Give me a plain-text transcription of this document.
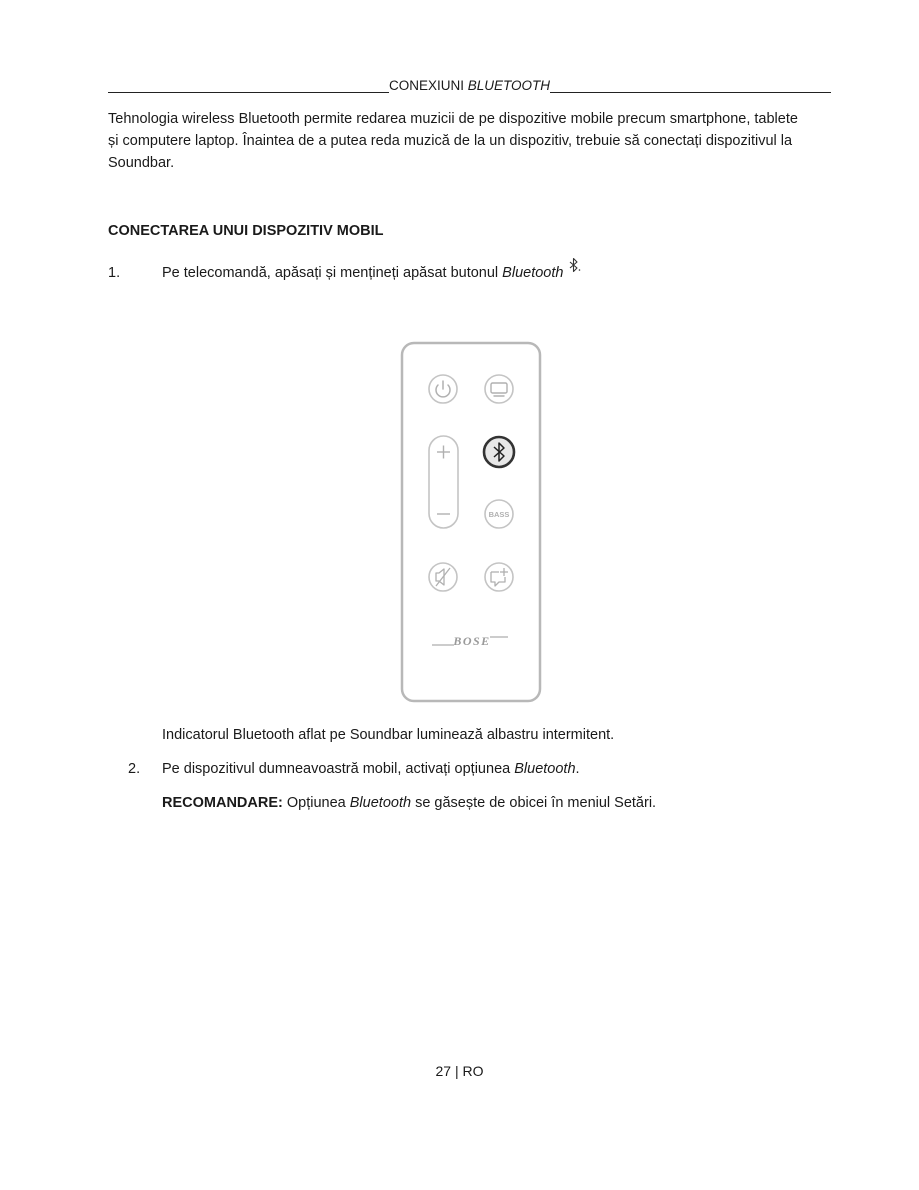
CONEXIUNI BLUETOOTH
Tehnologia wireless Bluetooth permite redarea muzicii de pe dispozitive mobile precum smartphone, tablete și computere laptop. Înaintea de a putea reda muzică de la un dispozitiv, trebuie să conectați dispozitivul la Soundbar.
CONECTAREA UNUI DISPOZITIV MOBIL
1.	Pe telecomandă, apăsați și mențineți apăsat butonul Bluetooth
BASS
BOSE
Indicatorul Bluetooth aflat pe Soundbar luminează albastru intermitent.
2. Pe dispozitivul dumneavoastră mobil, activați opțiunea Bluetooth.
RECOMANDARE: Opțiunea Bluetooth se găsește de obicei în meniul Setări.
27 | RO
